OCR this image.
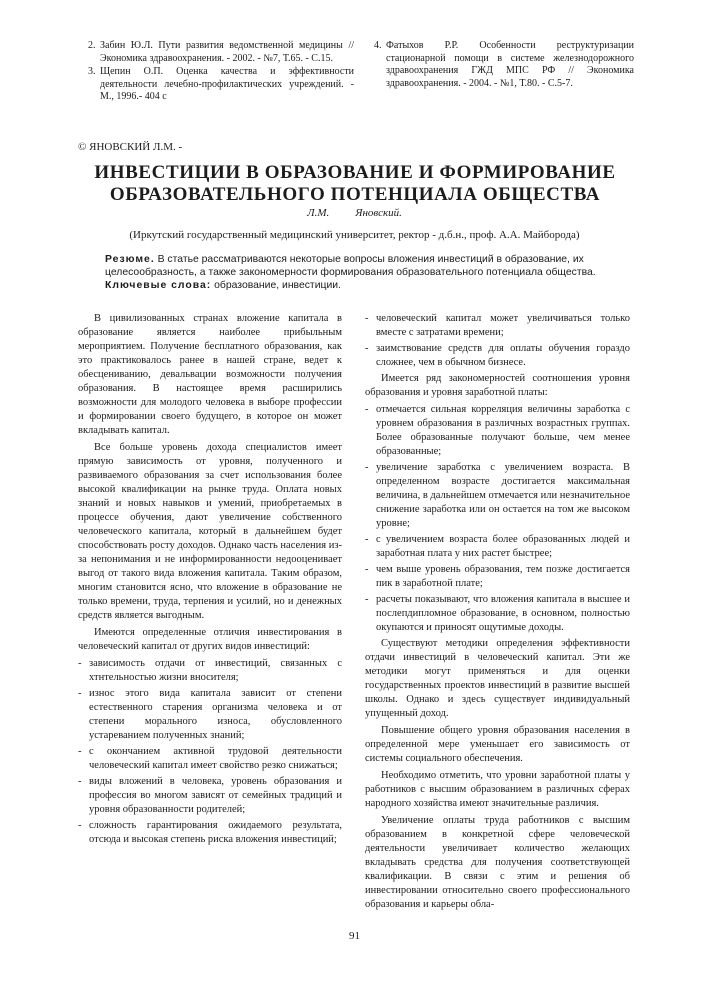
2. Забин Ю.Л. Пути развития ведомственной медицины // Экономика здравоохранения. - 2002. - №7, Т.65. - С.15.
3. Щепин О.П. Оценка качества и эффективности деятельности лечебно-профилактических учреждений. - М., 1996.- 404 с
4. Фатыхов Р.Р. Особенности реструктуризации стационарной помощи в системе железнодорожного здравоохранения ГЖД МПС РФ // Экономика здравоохранения. - 2004. - №1, Т.80. - С.5-7.
© ЯНОВСКИЙ Л.М. -
ИНВЕСТИЦИИ В ОБРАЗОВАНИЕ И ФОРМИРОВАНИЕ ОБРАЗОВАТЕЛЬНОГО ПОТЕНЦИАЛА ОБЩЕСТВА
Л.М. Яновский.
(Иркутский государственный медицинский университет, ректор - д.б.н., проф. А.А. Майборода)

Резюме. В статье рассматриваются некоторые вопросы вложения инвестиций в образование, их целесообразность, а также закономерности формирования образовательного потенциала общества.

Ключевые слова: образование, инвестиции.

В цивилизованных странах вложение капитала в образование является наиболее прибыльным мероприятием. Получение бесплатного образования, как это практиковалось ранее в нашей стране, ведет к обесцениванию, девальвации возможности получения образования. В настоящее время расширились возможности для молодого человека в выборе профессии и формировании своего будущего, в которое он может вкладывать капитал.

Все больше уровень дохода специалистов имеет прямую зависимость от уровня, полученного и развиваемого образования за счет использования более высокой квалификации на рынке труда. Оплата новых знаний и новых навыков и умений, приобретаемых в процессе обучения, дают увеличение собственного человеческого капитала, который в дальнейшем будет способствовать росту доходов. Однако часть населения из-за непонимания и не информированности недооценивает выгод от такого вида вложения капитала. Таким образом, многим становится ясно, что вложение в образование не только времени, труда, терпения и усилий, но и денежных средств является выгодным.

Имеются определенные отличия инвестирования в человеческий капитал от других видов инвестиций:

- зависимость отдачи от инвестиций, связанных с хтнтельностью жизни вносителя;
- износ этого вида капитала зависит от степени естественного старения организма человека и от степени морального износа, обусловленного устареванием полученных знаний;
- с окончанием активной трудовой деятельности человеческий капитал имеет свойство резко снижаться;
- виды вложений в человека, уровень образования и профессия во многом зависят от семейных традиций и уровня образованности родителей;
- сложность гарантирования ожидаемого результата, отсюда и высокая степень риска вложения инвестиций;
- человеческий капитал может увеличиваться только вместе с затратами времени;
- заимствование средств для оплаты обучения гораздо сложнее, чем в обычном бизнесе.

Имеется ряд закономерностей соотношения уровня образования и уровня заработной платы:

- отмечается сильная корреляция величины заработка с уровнем образования в различных возрастных группах. Более образованные получают больше, чем менее образованные;
- увеличение заработка с увеличением возраста. В определенном возрасте достигается максимальная величина, в дальнейшем отмечается или незначительное снижение заработка или он остается на том же высоком уровне;
- с увеличением возраста более образованных людей и заработная плата у них растет быстрее;
- чем выше уровень образования, тем позже достигается пик в заработной плате;
- расчеты показывают, что вложения капитала в высшее и послепдипломное образование, в основном, полностью окупаются и приносят ощутимые доходы.

Существуют методики определения эффективности отдачи инвестиций в человеческий капитал. Эти же методики могут применяться и для оценки государственных проектов инвестиций в развитие высшей школы. Однако и здесь существует индивидуальный упущенный доход.

Повышение общего уровня образования населения в определенной мере уменьшает его зависимость от системы социального обеспечения.

Необходимо отметить, что уровни заработной платы у работников с высшим образованием в различных сферах народного хозяйства имеют значительные различия.

Увеличение оплаты труда работников с высшим образованием в конкретной сфере человеческой деятельности увеличивает количество желающих вкладывать средства для получения соответствующей квалификации. В связи с этим и решения об инвестировании относительно своего профессионального образования и карьеры обла-

91
